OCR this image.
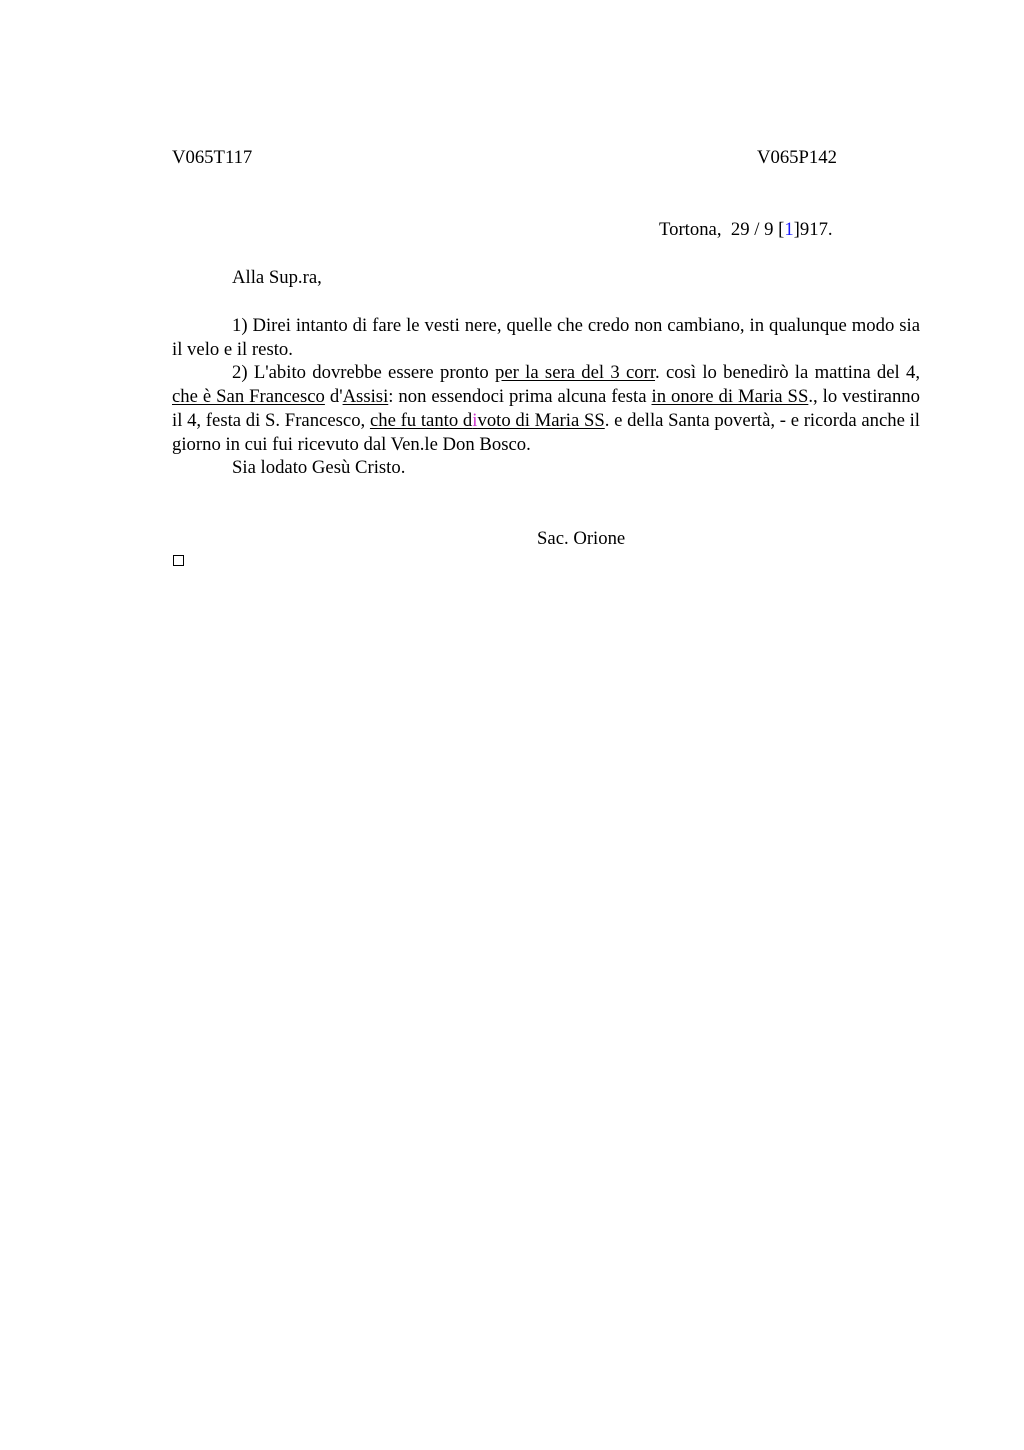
V065T117	V065P142
Tortona,  29 / 9 [1]917.
Alla Sup.ra,

1) Direi intanto di fare le vesti nere, quelle che credo non cambiano, in qualunque modo sia il velo e il resto.

2) L'abito dovrebbe essere pronto per la sera del 3 corr. così lo benedirò la mattina del 4, che è San Francesco d'Assisi: non essendoci prima alcuna festa in onore di Maria SS., lo vestiranno il 4, festa di S. Francesco, che fu tanto divoto di Maria SS. e della Santa povertà, - e ricorda anche il giorno in cui fui ricevuto dal Ven.le Don Bosco.

Sia lodato Gesù Cristo.

Sac. Orione
